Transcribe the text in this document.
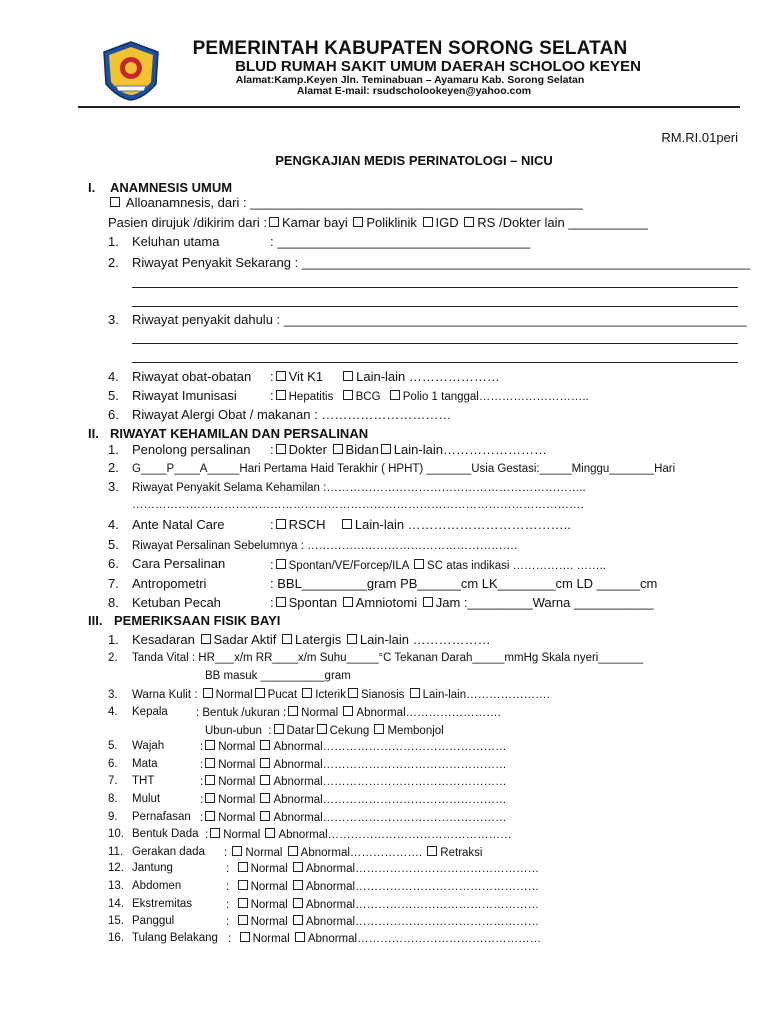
PEMERINTAH KABUPATEN SORONG SELATAN
BLUD RUMAH SAKIT UMUM DAERAH SCHOLOO KEYEN
Alamat:Kamp.Keyen Jln. Teminabuan – Ayamaru Kab. Sorong Selatan
Alamat E-mail: rsudscholookeyen@yahoo.com
RM.RI.01peri
PENGKAJIAN MEDIS PERINATOLOGI – NICU
I. ANAMNESIS UMUM
Alloanamnesis, dari : ______________________________________________
Pasien dirujuk /dikirim dari : Kamar bayi Poliklinik IGD RS /Dokter lain ___________
1. Keluhan utama	: ___________________________________
2. Riwayat Penyakit Sekarang : ______________________________________________________________
3. Riwayat penyakit dahulu : ________________________________________________________________
4. Riwayat obat-obatan : Vit K1	Lain-lain …………………
5. Riwayat Imunisasi	: Hepatitis BCG Polio 1 tanggal………………………..
6. Riwayat Alergi Obat / makanan : …………………………
II. RIWAYAT KEHAMILAN DAN PERSALINAN
1. Penolong persalinan : Dokter Bidan Lain-lain……………………
2. G____P____A_____Hari Pertama Haid Terakhir ( HPHT) _______Usia Gestasi:_____Minggu_______Hari
3. Riwayat Penyakit Selama Kehamilan :…………………………………………………………..
……………………………………………………………………………………………………….
4. Ante Natal Care	: RSCH Lain-lain ………………………………..
5. Riwayat Persalinan Sebelumnya : ……………………………………………….
6. Cara Persalinan	: Spontan/VE/Forcep/ILA SC atas indikasi ……………. ……..
7. Antropometri	: BBL_________gram PB______cm LK________cm LD ______cm
8. Ketuban Pecah	: Spontan Amniotomi Jam :_________Warna ___________
III. PEMERIKSAAN FISIK BAYI
1. Kesadaran Sadar Aktif Latergis Lain-lain ………………
2. Tanda Vital : HR___x/m RR____x/m Suhu_____°C Tekanan Darah_____mmHg Skala nyeri_______
BB masuk __________gram
3. Warna Kulit : Normal Pucat Icterik Sianosis Lain-lain………………….
4. Kepala : Bentuk /ukuran : Normal Abnormal…………………….
Ubun-ubun : Datar Cekung Membonjol
5. Wajah	: Normal Abnormal…………………………………………
6. Mata	: Normal Abnormal…………………………………………
7. THT	: Normal Abnormal…………………………………………
8. Mulut	: Normal Abnormal…………………………………………
9. Pernafasan : Normal Abnormal…………………………………………
10. Bentuk Dada : Normal Abnormal…………………………………………
11. Gerakan dada : Normal Abnormal………………. Retraksi
12. Jantung	:  Normal Abnormal…………………………………………
13. Abdomen	:  Normal Abnormal…………………………………………
14. Ekstremitas	:  Normal Abnormal…………………………………………
15. Panggul	:  Normal Abnormal…………………………………………
16. Tulang Belakang :  Normal Abnormal…………………………………………
